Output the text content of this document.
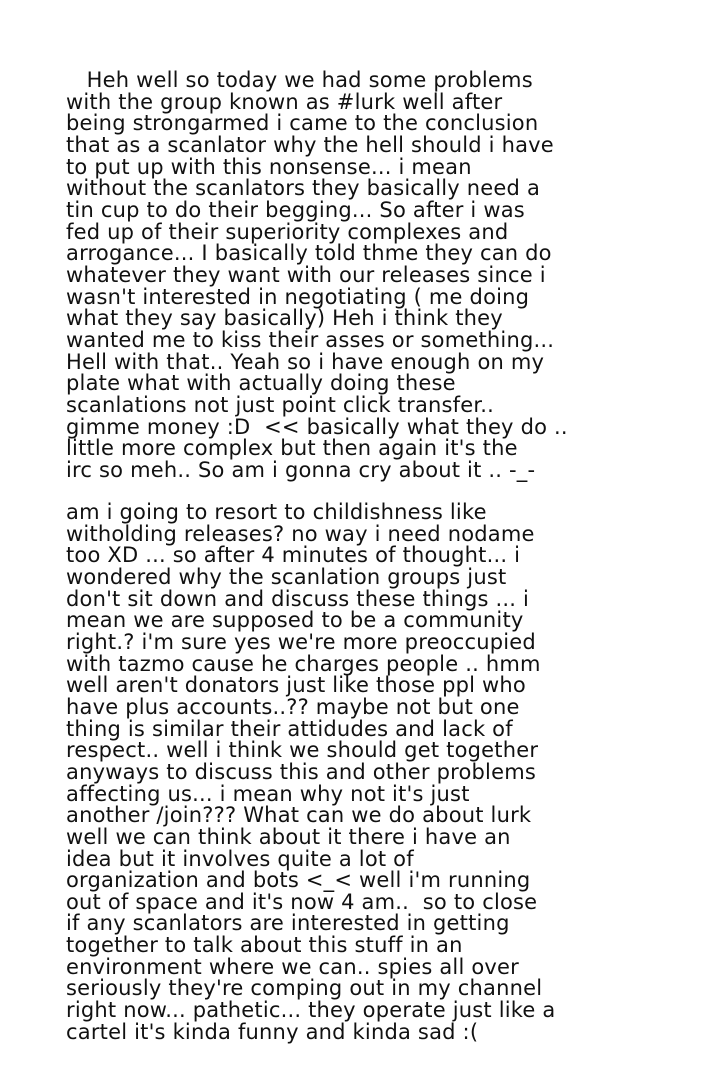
Heh well so today we had some problems
with the group known as #lurk well after
being strongarmed i came to the conclusion
that as a scanlator why the hell should i have
to put up with this nonsense... i mean
without the scanlators they basically need a
tin cup to do their begging... So after i was
fed up of their superiority complexes and
arrogance... I basically told thme they can do
whatever they want with our releases since i
wasn't interested in negotiating ( me doing
what they say basically) Heh i think they
wanted me to kiss their asses or something...
Hell with that.. Yeah so i have enough on my
plate what with actually doing these
scanlations not just point click transfer..
gimme money :D  << basically what they do ..
little more complex but then again it's the
irc so meh.. So am i gonna cry about it .. -_-
am i going to resort to childishness like
witholding releases? no way i need nodame
too XD ... so after 4 minutes of thought... i
wondered why the scanlation groups just
don't sit down and discuss these things ... i
mean we are supposed to be a community
right.? i'm sure yes we're more preoccupied
with tazmo cause he charges people .. hmm
well aren't donators just like those ppl who
have plus accounts..?? maybe not but one
thing is similar their attidudes and lack of
respect.. well i think we should get together
anyways to discuss this and other problems
affecting us... i mean why not it's just
another /join??? What can we do about lurk
well we can think about it there i have an
idea but it involves quite a lot of
organization and bots <_< well i'm running
out of space and it's now 4 am..  so to close
if any scanlators are interested in getting
together to talk about this stuff in an
environment where we can.. spies all over
seriously they're comping out in my channel
right now... pathetic... they operate just like a
cartel it's kinda funny and kinda sad :(
